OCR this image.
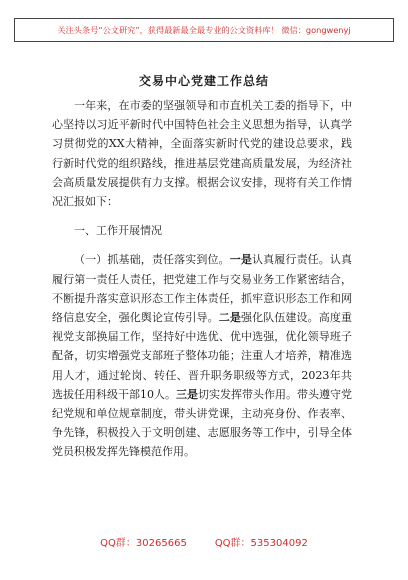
关注头条号“公文研究”，获得最新最全最专业的公文资料库！ 微信：gongwenyj
交易中心党建工作总结

一年来，在市委的坚强领导和市直机关工委的指导下，中心坚持以习近平新时代中国特色社会主义思想为指导，认真学习贯彻党的XX大精神，全面落实新时代党的建设总要求，践行新时代党的组织路线，推进基层党建高质量发展，为经济社会高质量发展提供有力支撑。根据会议安排，现将有关工作情况汇报如下：

一、工作开展情况

（一）抓基础，责任落实到位。一是认真履行责任。认真履行第一责任人责任，把党建工作与交易业务工作紧密结合，不断提升落实意识形态工作主体责任，抓牢意识形态工作和网络信息安全，强化舆论宣传引导。二是强化队伍建设。高度重视党支部换届工作，坚持好中选优、优中选强，优化领导班子配备，切实增强党支部班子整体功能；注重人才培养，精准选用人才，通过轮岗、转任、晋升职务职级等方式，2023年共选拔任用科级干部10人。三是切实发挥带头作用。带头遵守党纪党规和单位规章制度，带头讲党课，主动亮身份、作表率、争先锋，积极投入于文明创建、志愿服务等工作中，引导全体党员积极发挥先锋模范作用。

QQ群：30265665	QQ群：535304092
